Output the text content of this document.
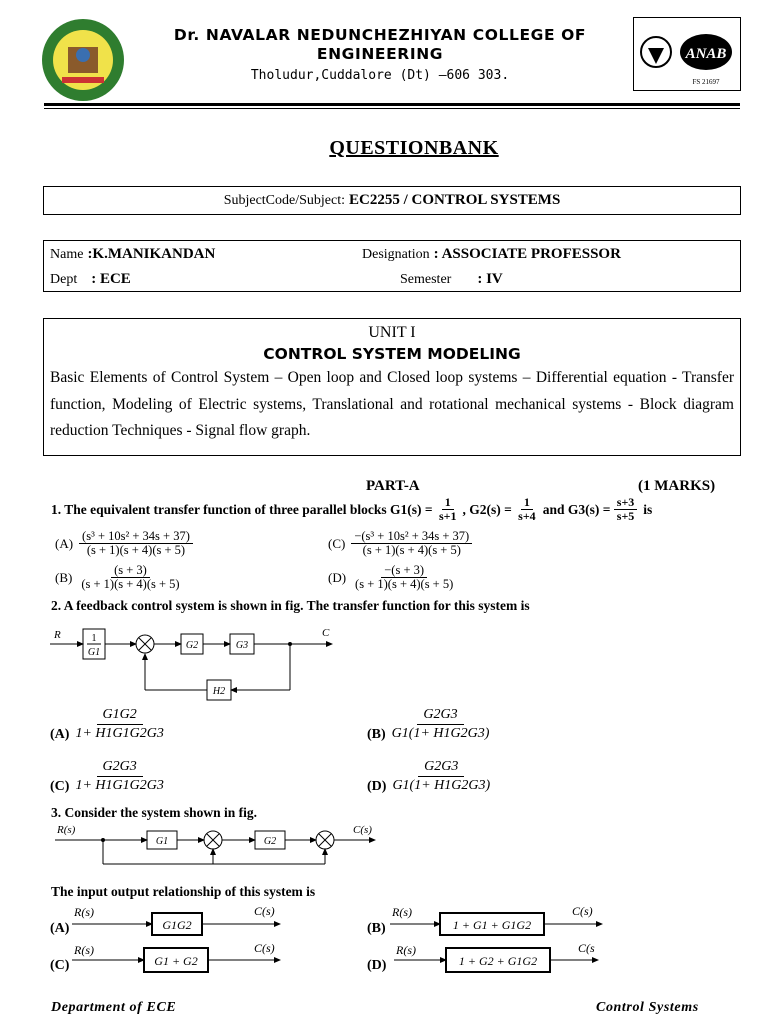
Dr. NAVALAR NEDUNCHEZHIYAN COLLEGE OF ENGINEERING
Tholudur,Cuddalore (Dt) –606 303.
ANAB
FS 21697
QUESTIONBANK
SubjectCode/Subject: EC2255 / CONTROL SYSTEMS
Name :K.MANIKANDAN	Designation : ASSOCIATE PROFESSOR
Dept : ECE	Semester : IV
UNIT I
CONTROL SYSTEM MODELING
Basic Elements of Control System – Open loop and Closed loop systems – Differential equation - Transfer function, Modeling of Electric systems, Translational and rotational mechanical systems - Block diagram reduction Techniques - Signal flow graph.
PART-A	(1 MARKS)
1. The equivalent transfer function of three parallel blocks G1(s) =
$\frac{1}{s+1}$ , G2(s) =
$\frac{1}{s+4}$ and G3(s) =
$\frac{s+3}{s+5}$ is
$(A) \frac{\text{(s³ + 10s² + 34s + 37)}}{(s + 1)(s + 4)(s + 5)}$
$(B) \frac{(s + 3)}{(s + 1)(s + 4)(s + 5)}$
$(C) \frac{\text{−(s³ + 10s² + 34s + 37)}}{(s + 1)(s + 4)(s + 5)}$
$(D) \frac{-(s + 3)}{(s + 1)(s + 4)(s + 5)}$
2. A feedback control system is shown in fig. The transfer function for this system is
R	1
G1
G2	G3
C
H2
(A)
G1G2
1+ H1G1G2G3	(B)
G2G3
G1(1+ H1G2G3)
(C)
G2G3
1+ H1G1G2G3	(D)
G2G3
G1(1+ H1G2G3)
3. Consider the system shown in fig.
R(s)
G1	G2
C(s)
The input output relationship of this system is
(A)
R(s)
G1G2
C(s)
(B)
R(s)
1 + G1 + G1G2
C(s)
(C)
R(s)
G1 + G2
C(s)
(D)
R(s)
1 + G2 + G1G2
C(s
Department of ECE	Control Systems
